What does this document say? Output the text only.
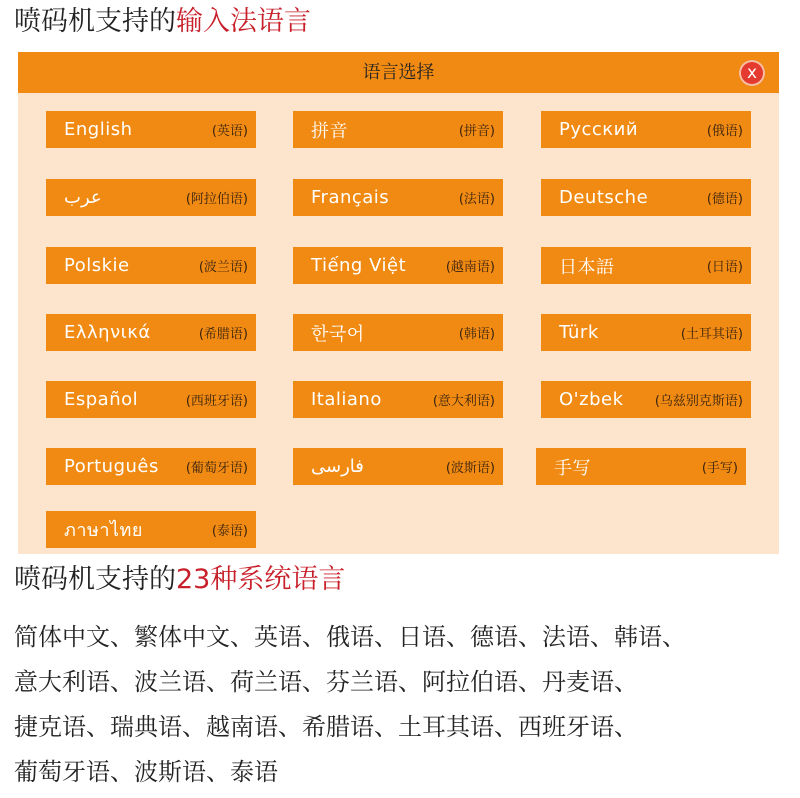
喷码机支持的输入法语言
语言选择	x
English	(英语)	拼音	(拼音)	Русский	(俄语)
عرب	(阿拉伯语)	Français	(法语)	Deutsche	(德语)
Polskie	(波兰语)	Tiếng Việt	(越南语)	日本語	(日语)
Ελληνικά	(希腊语)	한국어	(韩语)	Türk	(土耳其语)
Español	(西班牙语)	Italiano	(意大利语)	O'zbek (乌兹别克斯语)
Português (葡萄牙语)	فارسی	(波斯语)	手写	(手写)
ภาษาไทย	(泰语)
喷码机支持的23种系统语言
简体中文、繁体中文、英语、俄语、日语、德语、法语、韩语、
意大利语、波兰语、荷兰语、芬兰语、阿拉伯语、丹麦语、
捷克语、瑞典语、越南语、希腊语、土耳其语、西班牙语、
葡萄牙语、波斯语、泰语
